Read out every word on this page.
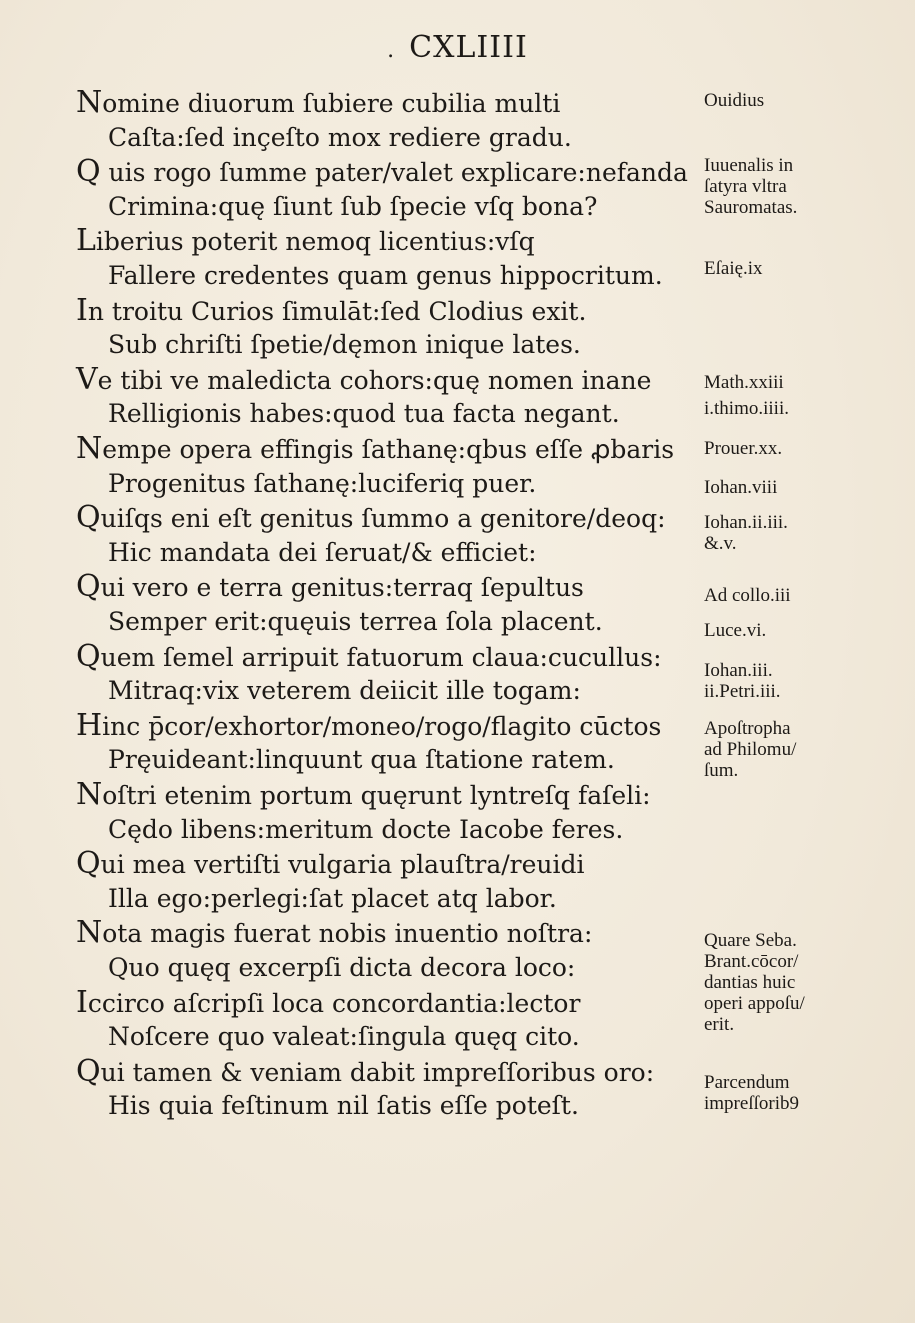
. CXLIIII
Nomine diuorum ſubiere cubilia multi
Caſta:ſed inçeſto mox rediere gradu.
Q uis rogo ſumme pater/valet explicare:nefanda
Crimina:quę ſiunt ſub ſpecie vſq bona?
Liberius poterit nemoq licentius:vſq
Fallere credentes quam genus hippocritum.
In troitu Curios ſimulāt:ſed Clodius exit.
Sub chriſti ſpetie/dęmon inique lates.
Ve tibi ve maledicta cohors:quę nomen inane
Relligionis habes:quod tua facta negant.
Nempe opera effingis ſathanę:qbus eſſe ꝓbaris
Progenitus ſathanę:luciferiq puer.
Quiſqs eni eſt genitus ſummo a genitore/deoq:
Hic mandata dei ſeruat/& efficiet:
Qui vero e terra genitus:terraq ſepultus
Semper erit:quęuis terrea ſola placent.
Quem ſemel arripuit fatuorum claua:cucullus:
Mitraq:vix veterem deiicit ille togam:
Hinc p̄cor/exhortor/moneo/rogo/flagito cūctos
Pręuideant:linquunt qua ſtatione ratem.
Noſtri etenim portum quęrunt lyntreſq faſeli:
Cędo libens:meritum docte Iacobe feres.
Qui mea vertiſti vulgaria plauſtra/reuidi
Illa ego:perlegi:ſat placet atq labor.
Nota magis fuerat nobis inuentio noſtra:
Quo quęq excerpſi dicta decora loco:
Iccirco aſcripſi loca concordantia:lector
Noſcere quo valeat:ſingula quęq cito.
Qui tamen & veniam dabit impreſſoribus oro:
His quia feſtinum nil ſatis eſſe poteſt.
Ouidius
Iuuenalis in
ſatyra vltra
Sauromatas.
Eſaię.ix
Math.xxiii
i.thimo.iiii.
Prouer.xx.
Iohan.viii
Iohan.ii.iii.
&.v.
Ad collo.iii
Luce.vi.
Iohan.iii.
ii.Petri.iii.
Apoſtropha
ad Philomu/
ſum.
Quare Seba.
Brant.cōcor/
dantias huic
operi appoſu/
erit.
Parcendum
impreſſorib9
